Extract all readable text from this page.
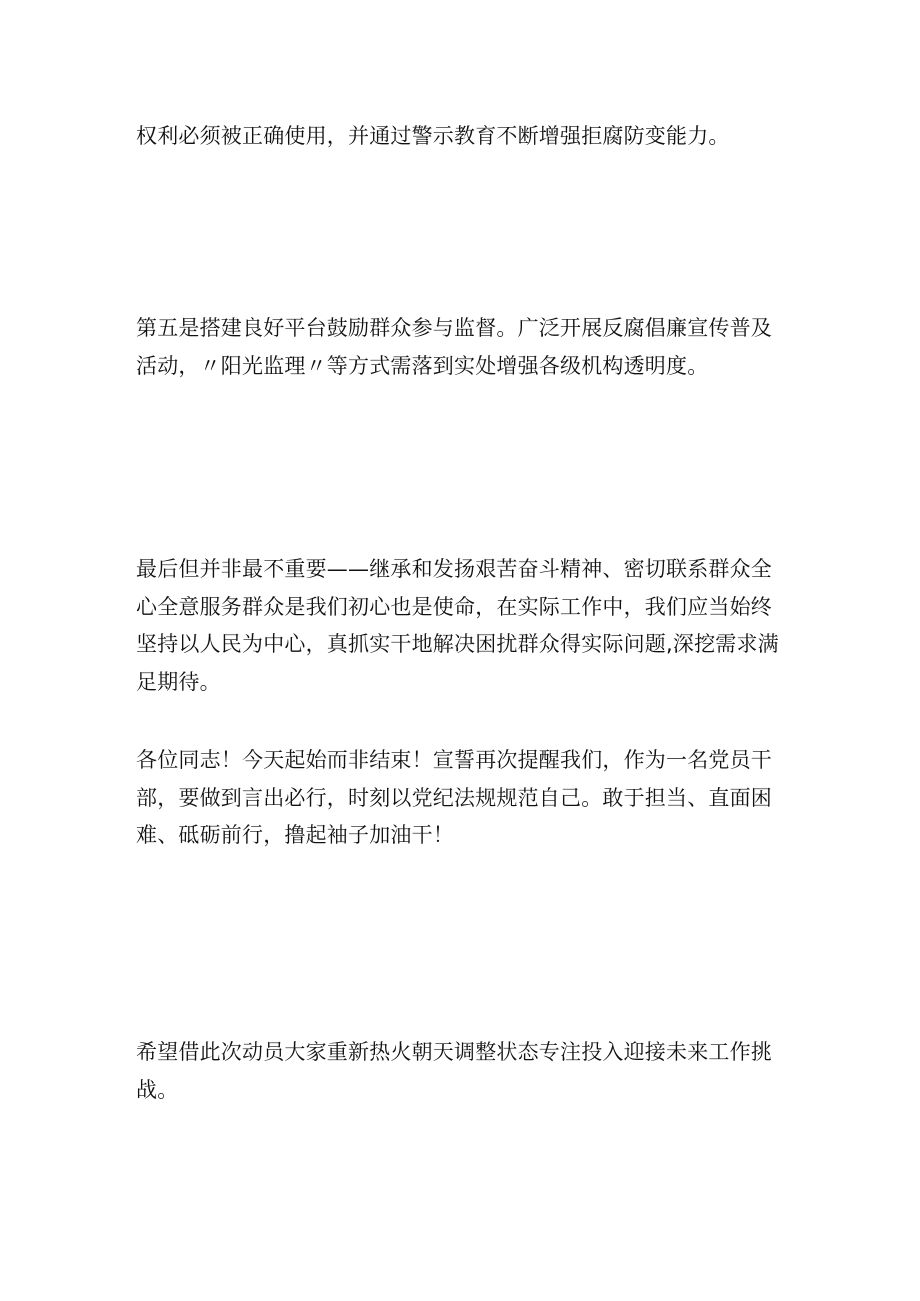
权利必须被正确使用，并通过警示教育不断增强拒腐防变能力。

第五是搭建良好平台鼓励群众参与监督。广泛开展反腐倡廉宣传普及
活动，〃阳光监理〃等方式需落到实处增强各级机构透明度。

最后但并非最不重要——继承和发扬艰苦奋斗精神、密切联系群众全
心全意服务群众是我们初心也是使命，在实际工作中，我们应当始终
坚持以人民为中心，真抓实干地解决困扰群众得实际问题,深挖需求满
足期待。

各位同志！今天起始而非结束！宣誓再次提醒我们，作为一名党员干
部，要做到言出必行，时刻以党纪法规规范自己。敢于担当、直面困
难、砥砺前行，撸起袖子加油干！

希望借此次动员大家重新热火朝天调整状态专注投入迎接未来工作挑
战。
